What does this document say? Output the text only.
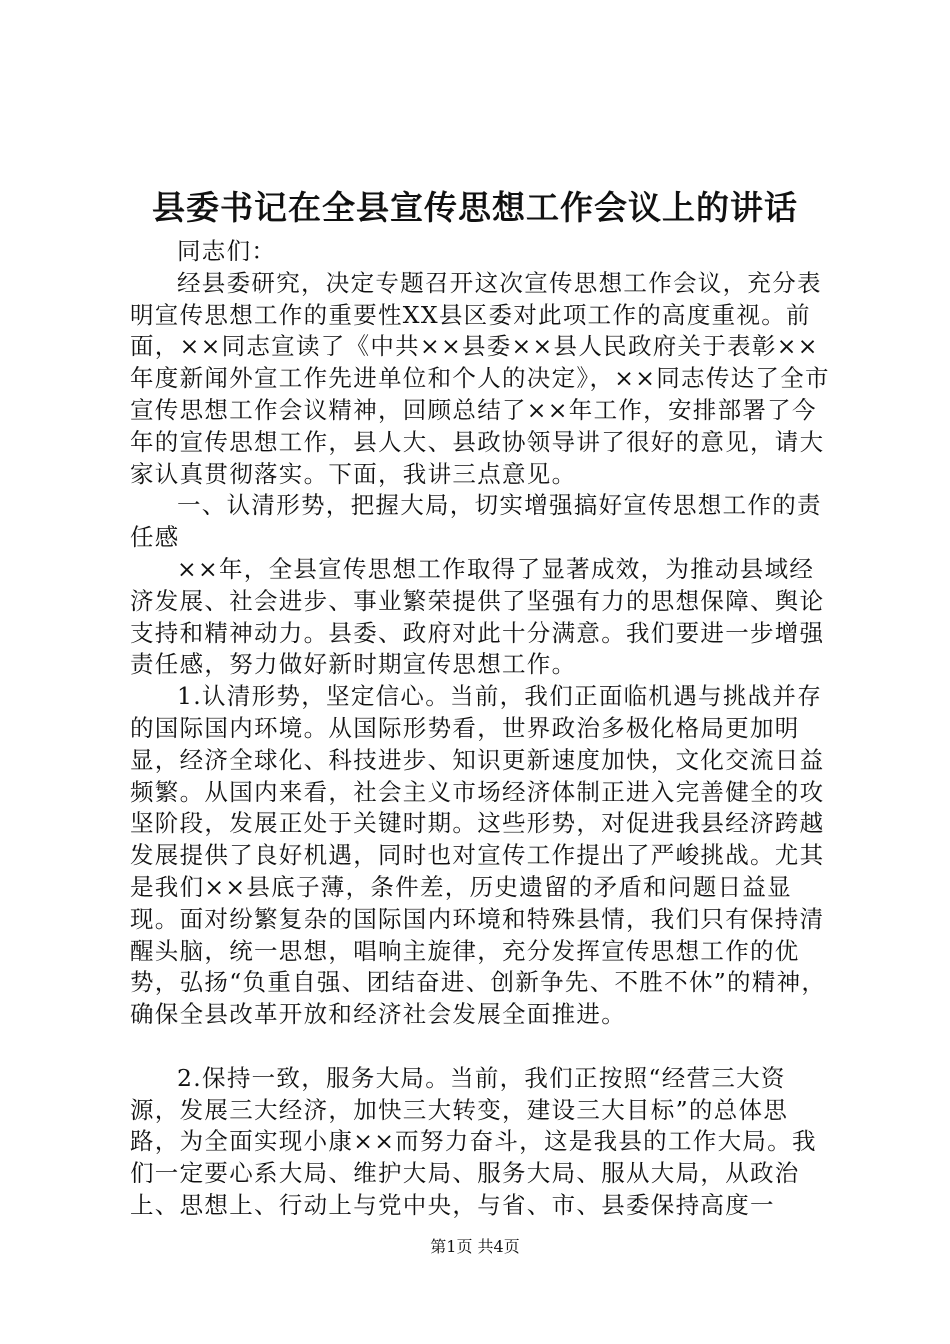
县委书记在全县宣传思想工作会议上的讲话

同志们：

经县委研究，决定专题召开这次宣传思想工作会议，充分表明宣传思想工作的重要性XX县区委对此项工作的高度重视。前面，××同志宣读了《中共××县委××县人民政府关于表彰××年度新闻外宣工作先进单位和个人的决定》，××同志传达了全市宣传思想工作会议精神，回顾总结了××年工作，安排部署了今年的宣传思想工作，县人大、县政协领导讲了很好的意见，请大家认真贯彻落实。下面，我讲三点意见。

一、认清形势，把握大局，切实增强搞好宣传思想工作的责任感

××年，全县宣传思想工作取得了显著成效，为推动县域经济发展、社会进步、事业繁荣提供了坚强有力的思想保障、舆论支持和精神动力。县委、政府对此十分满意。我们要进一步增强责任感，努力做好新时期宣传思想工作。

1.认清形势，坚定信心。当前，我们正面临机遇与挑战并存的国际国内环境。从国际形势看，世界政治多极化格局更加明显，经济全球化、科技进步、知识更新速度加快，文化交流日益频繁。从国内来看，社会主义市场经济体制正进入完善健全的攻坚阶段，发展正处于关键时期。这些形势，对促进我县经济跨越发展提供了良好机遇，同时也对宣传工作提出了严峻挑战。尤其是我们××县底子薄，条件差，历史遗留的矛盾和问题日益显现。面对纷繁复杂的国际国内环境和特殊县情，我们只有保持清醒头脑，统一思想，唱响主旋律，充分发挥宣传思想工作的优势，弘扬“负重自强、团结奋进、创新争先、不胜不休”的精神，确保全县改革开放和经济社会发展全面推进。

2.保持一致，服务大局。当前，我们正按照“经营三大资源，发展三大经济，加快三大转变，建设三大目标”的总体思路，为全面实现小康××而努力奋斗，这是我县的工作大局。我们一定要心系大局、维护大局、服务大局、服从大局，从政治上、思想上、行动上与党中央，与省、市、县委保持高度一

第1页 共4页
